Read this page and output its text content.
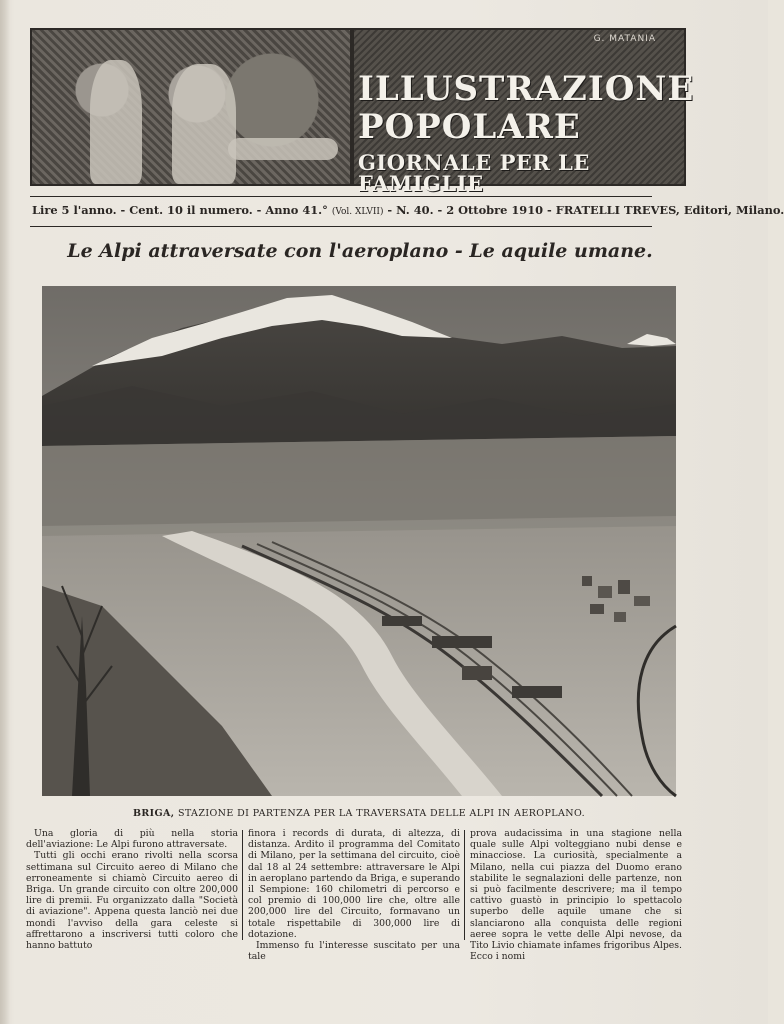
G. MATANIA
ILLUSTRAZIONE
POPOLARE
GIORNALE PER LE FAMIGLIE
Lire 5 l'anno. - Cent. 10 il numero. - Anno 41.° (Vol. XLVII) - N. 40. - 2 Ottobre 1910 - FRATELLI TREVES, Editori, Milano.
Le Alpi attraversate con l'aeroplano - Le aquile umane.
BRIGA, STAZIONE DI PARTENZA PER LA TRAVERSATA DELLE ALPI IN AEROPLANO.

Una gloria di più nella storia dell'aviazione: Le Alpi furono attraversate.

Tutti gli occhi erano rivolti nella scorsa settimana sul Circuito aereo di Milano che erroneamente si chiamò Circuito aereo di Briga. Un grande circuito con oltre 200,000 lire di premii. Fu organizzato dalla "Società di aviazione". Appena questa lanciò nei due mondi l'avviso della gara celeste si affrettarono a inscriversi tutti coloro che hanno battuto

finora i records di durata, di altezza, di distanza. Ardito il programma del Comitato di Milano, per la settimana del circuito, cioè dal 18 al 24 settembre: attraversare le Alpi in aeroplano partendo da Briga, e superando il Sempione: 160 chilometri di percorso e col premio di 100,000 lire che, oltre alle 200,000 lire del Circuito, formavano un totale rispettabile di 300,000 lire di dotazione.

Immenso fu l'interesse suscitato per una tale

prova audacissima in una stagione nella quale sulle Alpi volteggiano nubi dense e minacciose. La curiosità, specialmente a Milano, nella cui piazza del Duomo erano stabilite le segnalazioni delle partenze, non si può facilmente descrivere; ma il tempo cattivo guastò in principio lo spettacolo superbo delle aquile umane che si slanciarono alla conquista delle regioni aeree sopra le vette delle Alpi nevose, da Tito Livio chiamate infames frigoribus Alpes. Ecco i nomi
